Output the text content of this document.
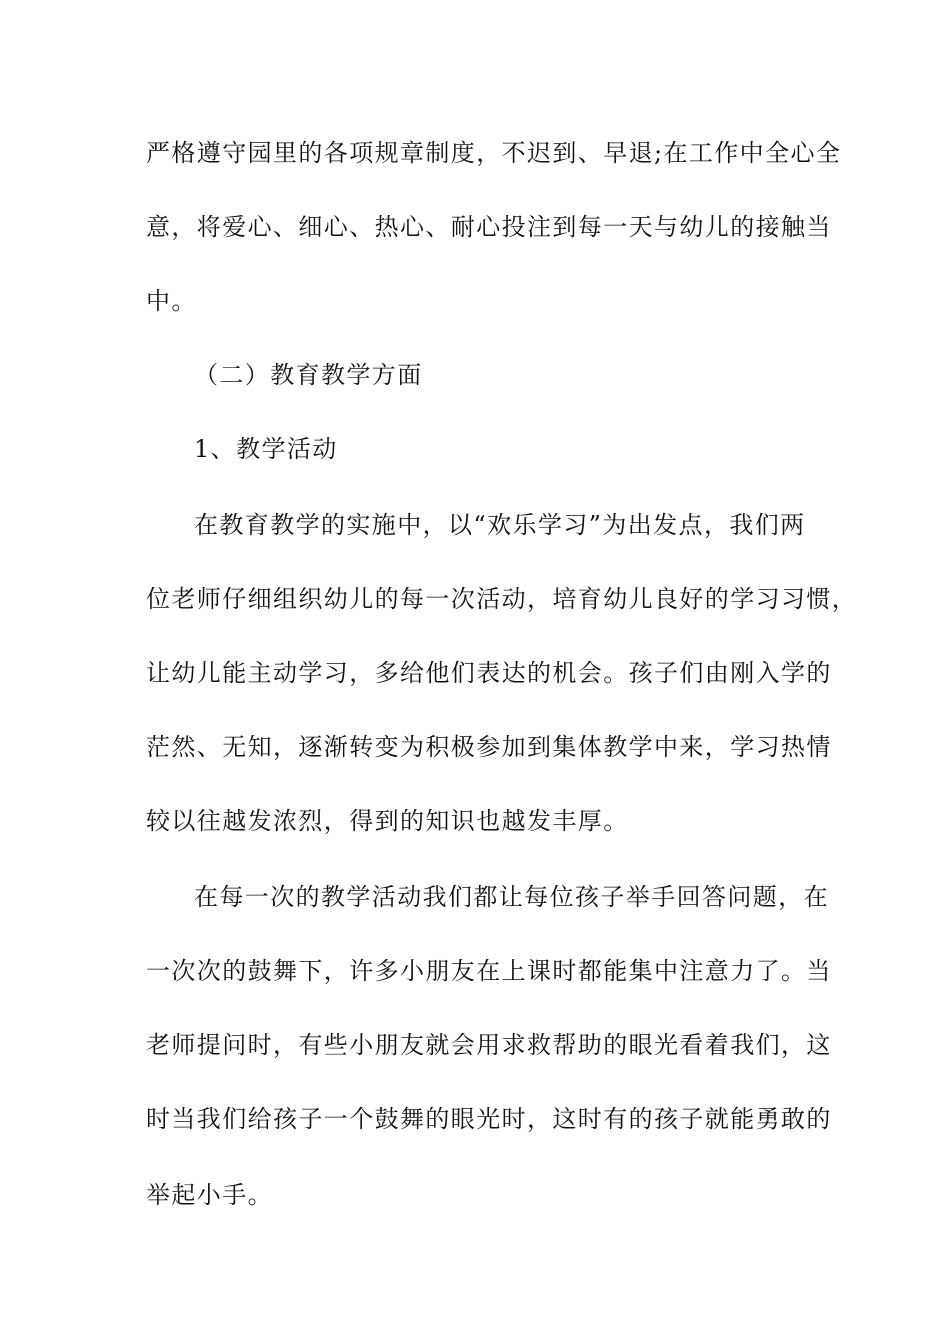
严格遵守园里的各项规章制度，不迟到、早退;在工作中全心全

意，将爱心、细心、热心、耐心投注到每一天与幼儿的接触当

中。

（二）教育教学方面

1、教学活动

在教育教学的实施中，以“欢乐学习”为出发点，我们两

位老师仔细组织幼儿的每一次活动，培育幼儿良好的学习习惯，

让幼儿能主动学习，多给他们表达的机会。孩子们由刚入学的

茫然、无知，逐渐转变为积极参加到集体教学中来，学习热情

较以往越发浓烈，得到的知识也越发丰厚。

在每一次的教学活动我们都让每位孩子举手回答问题，在

一次次的鼓舞下，许多小朋友在上课时都能集中注意力了。当

老师提问时，有些小朋友就会用求救帮助的眼光看着我们，这

时当我们给孩子一个鼓舞的眼光时，这时有的孩子就能勇敢的

举起小手。
